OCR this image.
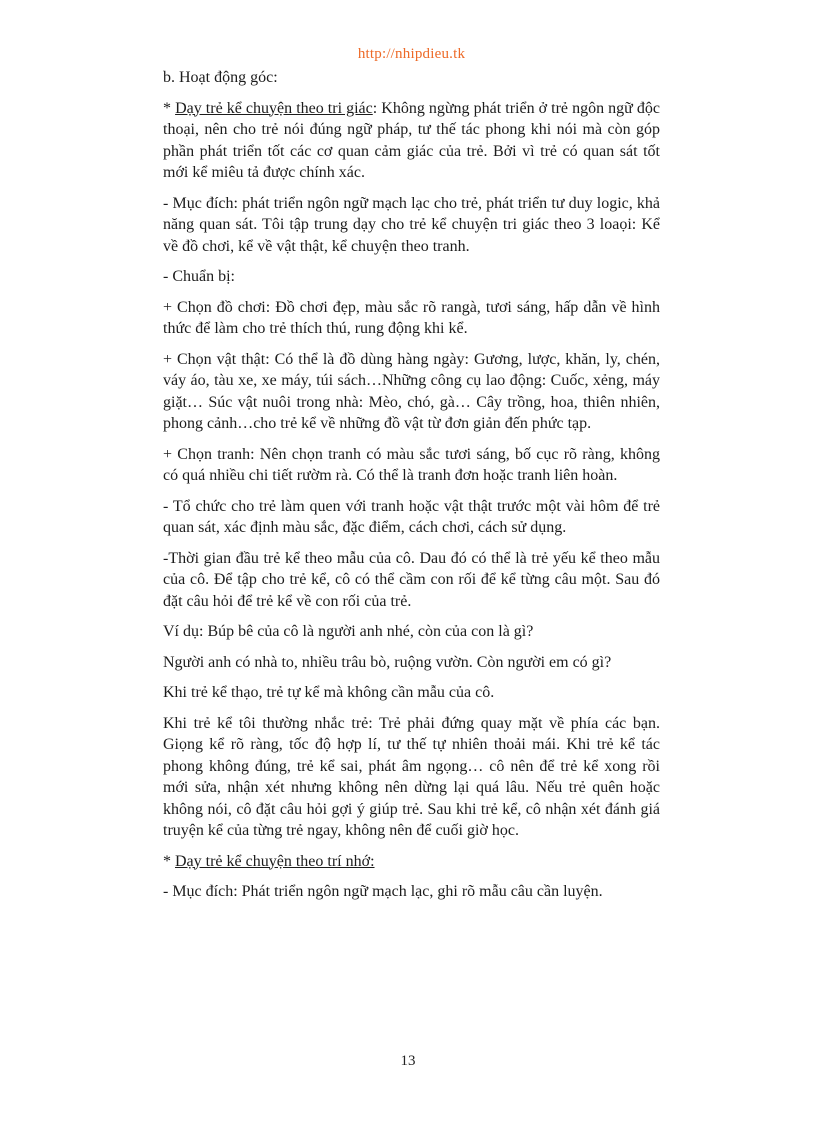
http://nhipdieu.tk

b. Hoạt động góc:

* Dạy trẻ kể chuyện theo tri giác: Không ngừng phát triển ở trẻ ngôn ngữ độc thoại, nên cho trẻ nói đúng ngữ pháp, tư thế tác phong khi nói mà còn góp phần phát triển tốt các cơ quan cảm giác của trẻ. Bởi vì trẻ có quan sát tốt mới kể miêu tả được chính xác.

- Mục đích: phát triển ngôn ngữ mạch lạc cho trẻ, phát triển tư duy logic, khả năng quan sát. Tôi tập trung dạy cho trẻ kể chuyện tri giác theo 3 loaọi: Kể về đồ chơi, kể về vật thật, kể chuyện theo tranh.

- Chuẩn bị:

+ Chọn đồ chơi: Đồ chơi đẹp, màu sắc rõ rangà, tươi sáng, hấp dẫn về hình thức để làm cho trẻ thích thú, rung động khi kể.

+ Chọn vật thật: Có thể là đồ dùng hàng ngày: Gương, lược, khăn, ly, chén, váy áo, tàu xe, xe máy, túi sách…Những công cụ lao động: Cuốc, xẻng, máy giặt… Súc vật nuôi trong nhà: Mèo, chó, gà… Cây trồng, hoa, thiên nhiên, phong cảnh…cho trẻ kể về những đồ vật từ đơn giản đến phức tạp.

+ Chọn tranh: Nên chọn tranh có màu sắc tươi sáng, bố cục rõ ràng, không có quá nhiều chi tiết rườm rà. Có thể là tranh đơn hoặc tranh liên hoàn.

- Tổ chức cho trẻ làm quen với tranh hoặc vật thật trước một vài hôm để trẻ quan sát, xác định màu sắc, đặc điểm, cách chơi, cách sử dụng.

-Thời gian đầu trẻ kể theo mẫu của cô. Dau đó có thể là trẻ yếu kể theo mẫu của cô. Để tập cho trẻ kể, cô có thể cầm con rối để kể từng câu một. Sau đó đặt câu hỏi để trẻ kể về con rối của trẻ.

Ví dụ: Búp bê của cô là người anh nhé, còn của con là gì?

Người anh có nhà to, nhiều trâu bò, ruộng vườn. Còn người em có gì?

Khi trẻ kể thạo, trẻ tự kể mà không cần mẫu của cô.

Khi trẻ kể tôi thường nhắc trẻ: Trẻ phải đứng quay mặt về phía các bạn. Giọng kể rõ ràng, tốc độ hợp lí, tư thế tự nhiên thoải mái. Khi trẻ kể tác phong không đúng, trẻ kể sai, phát âm ngọng… cô nên để trẻ kể xong rồi mới sửa, nhận xét nhưng không nên dừng lại quá lâu. Nếu trẻ quên hoặc không nói, cô đặt câu hỏi gợi ý giúp trẻ. Sau khi trẻ kể, cô nhận xét đánh giá truyện kể của từng trẻ ngay, không nên để cuối giờ học.

* Dạy trẻ kể chuyện theo trí nhớ:

- Mục đích: Phát triển ngôn ngữ mạch lạc, ghi rõ mẫu câu cần luyện.

13
